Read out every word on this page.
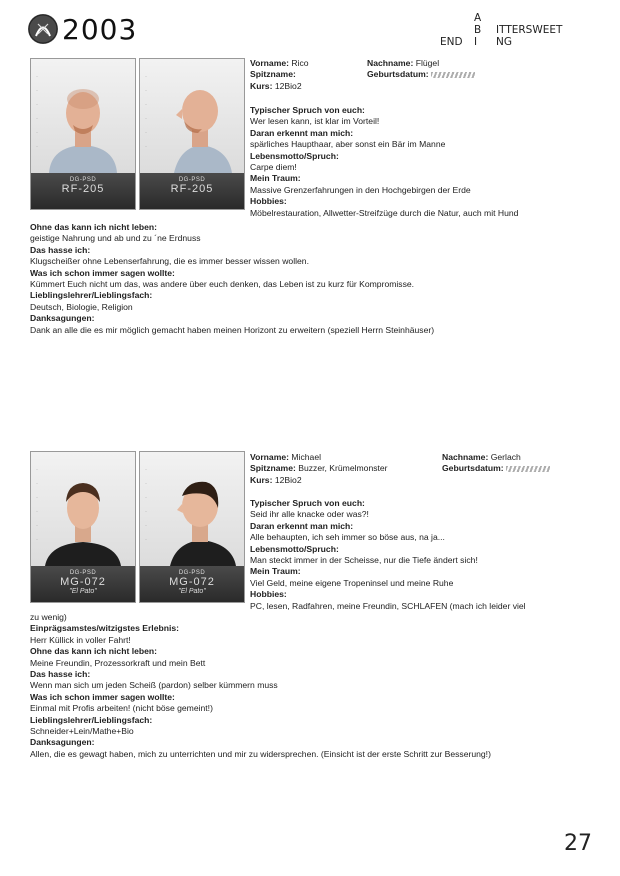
2003	A
B ITTERSWEET
END I NG
--
--
--
--
--
--
DG-PSD
RF-205
--
--
--
--
--
--
DG-PSD
RF-205
Vorname: Rico	Nachname: Flügel
Spitzname:	Geburtsdatum:
Kurs: 12Bio2
Typischer Spruch von euch:
Wer lesen kann, ist klar im Vorteil!
Daran erkennt man mich:
spärliches Haupthaar, aber sonst ein Bär im Manne
Lebensmotto/Spruch:
Carpe diem!
Mein Traum:
Massive Grenzerfahrungen in den Hochgebirgen der Erde
Hobbies:
Möbelrestauration, Allwetter-Streifzüge durch die Natur, auch mit Hund
Ohne das kann ich nicht leben:
geistige Nahrung und ab und zu ´ne Erdnuss
Das hasse ich:
Klugscheißer ohne Lebenserfahrung, die es immer besser wissen wollen.
Was ich schon immer sagen wollte:
Kümmert Euch nicht um das, was andere über euch denken, das Leben ist zu kurz für Kompromisse.
Lieblingslehrer/Lieblingsfach:
Deutsch, Biologie, Religion
Danksagungen:
Dank an alle die es mir möglich gemacht haben meinen Horizont zu erweitern (speziell Herrn Steinhäuser)
--
--
--
--
--
--
DG-PSD
MG-072
"El Pato"
--
--
--
--
--
--
DG-PSD
MG-072
"El Pato"
Vorname: Michael	Nachname: Gerlach
Spitzname: Buzzer, Krümelmonster	Geburtsdatum:
Kurs: 12Bio2
Typischer Spruch von euch:
Seid ihr alle knacke oder was?!
Daran erkennt man mich:
Alle behaupten, ich seh immer so böse aus, na ja...
Lebensmotto/Spruch:
Man steckt immer in der Scheisse, nur die Tiefe ändert sich!
Mein Traum:
Viel Geld, meine eigene Tropeninsel und meine Ruhe
Hobbies:
PC, lesen, Radfahren, meine Freundin, SCHLAFEN (mach ich leider viel
zu wenig)
Einprägsamstes/witzigstes Erlebnis:
Herr Küllick in voller Fahrt!
Ohne das kann ich nicht leben:
Meine Freundin, Prozessorkraft und mein Bett
Das hasse ich:
Wenn man sich um jeden Scheiß (pardon) selber kümmern muss
Was ich schon immer sagen wollte:
Einmal mit Profis arbeiten! (nicht böse gemeint!)
Lieblingslehrer/Lieblingsfach:
Schneider+Lein/Mathe+Bio
Danksagungen:
Allen, die es gewagt haben, mich zu unterrichten und mir zu widersprechen. (Einsicht ist der erste Schritt zur Besserung!)
27
